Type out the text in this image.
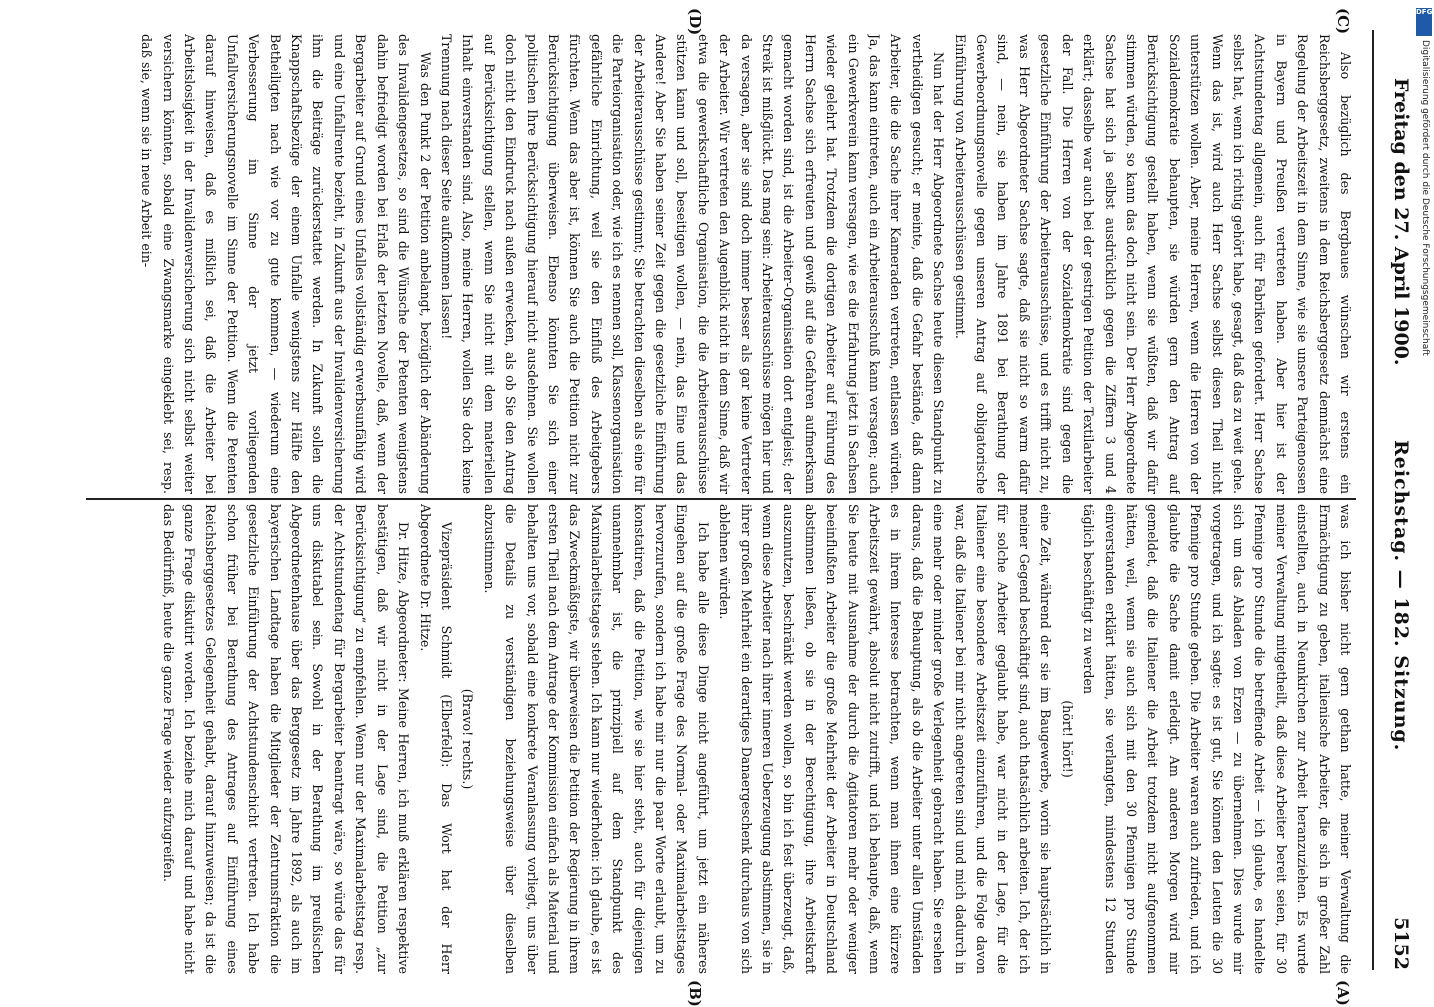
5152
Reichstag. — 182. Sitzung.
Freitag den 27. April 1900.
(A)
(B)
(C)
(D)

was ich bisher nicht gern gethan hatte, meiner Verwaltung die Ermächtigung zu geben, italienische Arbeiter, die sich in großer Zahl einstellten, auch in Neunkirchen zur Arbeit heranzuziehen. Es wurde meiner Verwaltung mitgetheilt, daß diese Arbeiter bereit seien, für 30 Pfennige pro Stunde die betreffende Arbeit — ich glaube, es handelte sich um das Abladen von Erzen — zu übernehmen. Dies wurde mir vorgetragen, und ich sagte: es ist gut, Sie können den Leuten die 30 Pfennige pro Stunde geben. Die Arbeiter waren auch zufrieden, und ich glaubte die Sache damit erledigt. Am anderen Morgen wird mir gemeldet, daß die Italiener die Arbeit trotzdem nicht aufgenommen hätten, weil, wenn sie auch sich mit den 30 Pfennigen pro Stunde einverstanden erklärt hätten, sie verlangten, mindestens 12 Stunden täglich beschäftigt zu werden

(hört! hört!)

eine Zeit, während der sie im Baugewerbe, worin sie hauptsächlich in meiner Gegend beschäftigt sind, auch thatsächlich arbeiten. Ich, der ich für solche Arbeiter geglaubt habe, war nicht in der Lage, für die Italiener eine besondere Arbeitszeit einzuführen, und die Folge davon war, daß die Italiener bei mir nicht angetreten sind und mich dadurch in eine mehr oder minder große Verlegenheit gebracht haben. Sie ersehen daraus, daß die Behauptung, als ob die Arbeiter unter allen Umständen es in ihrem Interesse betrachten, wenn man ihnen eine kürzere Arbeitszeit gewährt, absolut nicht zutrifft, und ich behaupte, daß, wenn Sie heute mit Ausnahme der durch die Agitatoren mehr oder weniger beeinflußten Arbeiter die große Mehrheit der Arbeiter in Deutschland abstimmen ließen, ob sie in der Berechtigung, ihre Arbeitskraft auszunutzen, beschränkt werden wollen, so bin ich fest überzeugt, daß, wenn diese Arbeiter nach ihrer inneren Ueberzeugung abstimmen, sie in ihrer großen Mehrheit ein derartiges Danaergeschenk durchaus von sich ablehnen würden.

Ich habe alle diese Dinge nicht angeführt, um jetzt ein näheres Eingehen auf die große Frage des Normal- oder Maximalarbeitstages hervorzurufen, sondern ich habe mir nur die paar Worte erlaubt, um zu konstatiren, daß die Petition, wie sie hier steht, auch für diejenigen unannehmbar ist, die prinzipiell auf dem Standpunkt des Maximalarbeitstages stehen. Ich kann nur wiederholen: ich glaube, es ist das Zweckmäßigste, wir überweisen die Petition der Regierung in ihrem ersten Theil nach dem Antrage der Kommission einfach als Material und behalten uns vor, sobald eine konkrete Veranlassung vorliegt, uns über die Details zu verständigen beziehungsweise über dieselben abzustimmen.

(Bravo! rechts.)

Vizepräsident Schmidt (Elberfeld): Das Wort hat der Herr Abgeordnete Dr. Hitze.

Dr. Hitze, Abgeordneter: Meine Herren, ich muß erklären respektive bestätigen, daß wir nicht in der Lage sind, die Petition „zur Berücksichtigung“ zu empfehlen. Wenn nur der Maximalarbeitstag resp. der Achtstundentag für Bergarbeiter beantragt wäre, so würde das für uns diskutabel sein. Sowohl in der Berathung im preußischen Abgeordnetenhause über das Berggesetz im Jahre 1892, als auch im bayerischen Landtage haben die Mitglieder der Zentrumsfraktion die gesetzliche Einführung der Achtstundenschicht vertreten. Ich habe schon früher bei Berathung des Antrages auf Einführung eines Reichsberggesetzes Gelegenheit gehabt, darauf hinzuweisen; da ist die ganze Frage diskutirt worden. Ich beziehe mich darauf und habe nicht das Bedürfniß, heute die ganze Frage wieder aufzugreifen.

Also bezüglich des Bergbaues wünschen wir erstens ein Reichsberggesetz, zweitens in dem Reichsberggesetz demnächst eine Regelung der Arbeitszeit in dem Sinne, wie sie unsere Parteigenossen in Bayern und Preußen vertreten haben. Aber hier ist der Achtstundentag allgemein, auch für Fabriken gefordert. Herr Sachse selbst hat, wenn ich richtig gehört habe, gesagt, daß das zu weit gehe. Wenn das ist, wird auch Herr Sachse selbst diesen Theil nicht unterstützen wollen. Aber, meine Herren, wenn die Herren von der Sozialdemokratie behaupten, sie würden gern den Antrag auf Berücksichtigung gestellt haben, wenn sie wüßten, daß wir dafür stimmen würden, so kann das doch nicht sein. Der Herr Abgeordnete Sachse hat sich ja selbst ausdrücklich gegen die Ziffern 3 und 4 erklärt; dasselbe war auch bei der gestrigen Petition der Textilarbeiter der Fall. Die Herren von der Sozialdemokratie sind gegen die gesetzliche Einführung der Arbeiterausschüsse, und es trifft nicht zu, was Herr Abgeordneter Sachse sagte, daß sie nicht so warm dafür sind, — nein, sie haben im Jahre 1891 bei Berathung der Gewerbeordnungsnovelle gegen unseren Antrag auf obligatorische Einführung von Arbeiterausschüssen gestimmt.

Nun hat der Herr Abgeordnete Sachse heute diesen Standpunkt zu vertheidigen gesucht; er meinte, daß die Gefahr bestände, daß dann Arbeiter, die die Sache ihrer Kameraden vertreten, entlassen würden. Ja, das kann eintreten, auch ein Arbeiterausschuß kann versagen; auch ein Gewerkverein kann versagen, wie es die Erfahrung jetzt in Sachsen wieder gelehrt hat. Trotzdem die dortigen Arbeiter auf Führung des Herrn Sachse sich erfreuten und gewiß auf die Gefahren aufmerksam gemacht worden sind, ist die Arbeiter-Organisation dort entgleist; der Streik ist mißglückt. Das mag sein: Arbeiterausschüsse mögen hier und da versagen, aber sie sind doch immer besser als gar keine Vertreter der Arbeiter. Wir vertreten den Augenblick nicht in dem Sinne, daß wir etwa die gewerkschaftliche Organisation, die die Arbeiterausschüsse stützen kann und soll, beseitigen wollen, — nein, das Eine und das Andere! Aber Sie haben seiner Zeit gegen die gesetzliche Einführung der Arbeiterausschüsse gestimmt; Sie betrachten dieselben als eine für die Parteiorganisation oder, wie ich es nennen soll, Klassenorganisation gefährliche Einrichtung, weil sie den Einfluß des Arbeitgebers fürchten. Wenn das aber ist, können Sie auch die Petition nicht zur Berücksichtigung überweisen. Ebenso könnten Sie sich einer politischen Ihre Berücksichtigung hierauf nicht ausdehnen. Sie wollen doch nicht den Eindruck nach außen erwecken, als ob Sie den Antrag auf Berücksichtigung stellen, wenn Sie nicht mit dem materiellen Inhalt einverstanden sind. Also, meine Herren, wollen Sie doch keine Trennung nach dieser Seite aufkommen lassen!

Was den Punkt 2 der Petition anbelangt, bezüglich der Abänderung des Invalidengesetzes, so sind die Wünsche der Petenten wenigstens dahin befriedigt worden bei Erlaß der letzten Novelle, daß, wenn der Bergarbeiter auf Grund eines Unfalles vollständig erwerbsunfähig wird und eine Unfallrente bezieht, in Zukunft aus der Invalidenversicherung ihm die Beiträge zurückerstattet werden. In Zukunft sollen die Knappschaftsbezüge der einem Unfalle wenigstens zur Hälfte den Betheiligten nach wie vor zu gute kommen, — wiederum eine Verbesserung im Sinne der jetzt vorliegenden Unfallversicherungsnovelle im Sinne der Petition. Wenn die Petenten darauf hinweisen, daß es mißlich sei, daß die Arbeiter bei Arbeitslosigkeit in der Invalidenversicherung sich nicht selbst weiter versichern könnten, sobald eine Zwangsmarke eingeklebt sei, resp. daß sie, wenn sie in neue Arbeit ein-

DFG
Digitalisierung gefördert durch die Deutsche Forschungsgemeinschaft
